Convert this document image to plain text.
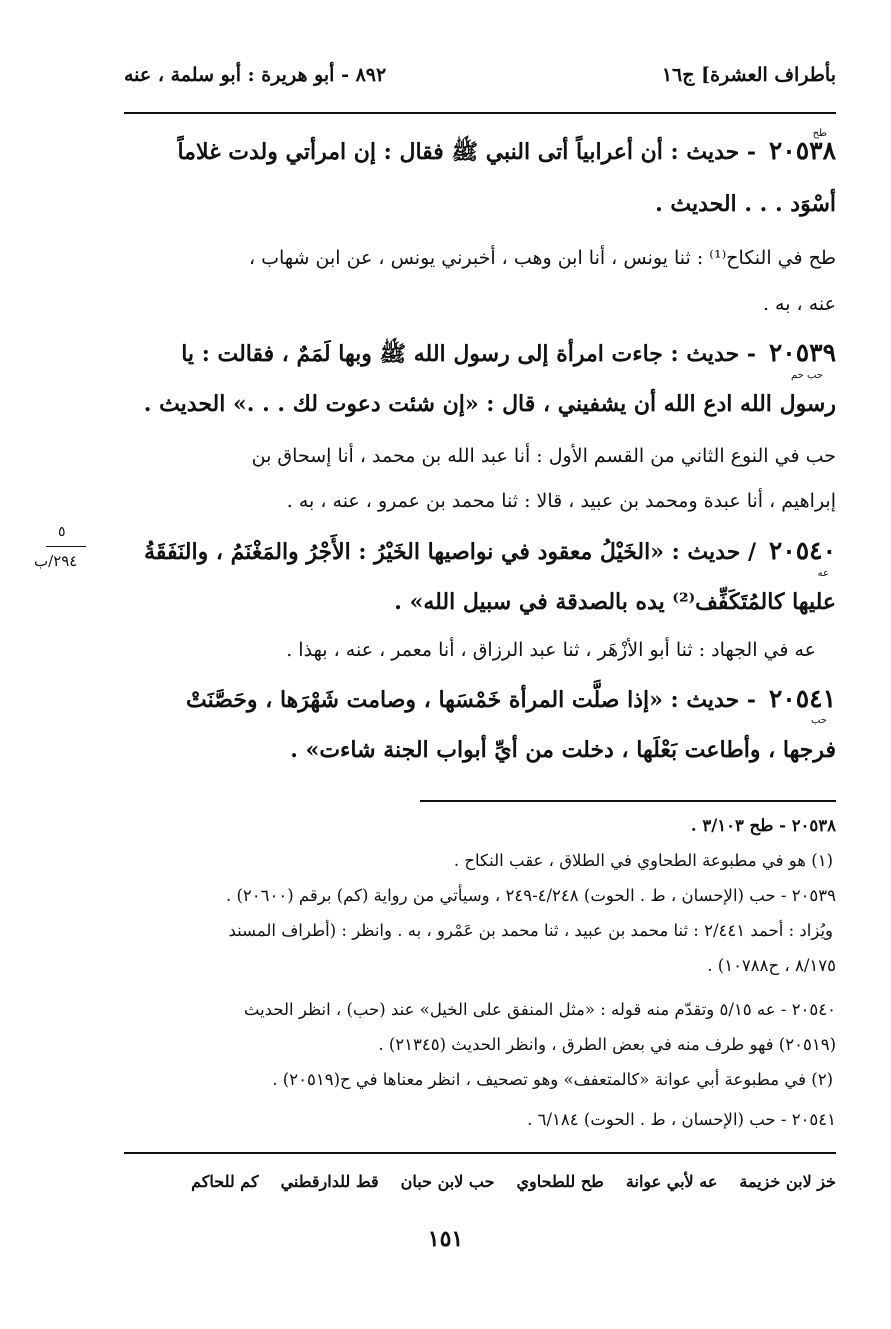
بأطراف العشرة] ج١٦
٨٩٢ - أبو هريرة : أبو سلمة ، عنه
٢٠٥٣٨
طح
- حديث : أن أعرابياً أتى النبي ﷺ فقال : إن امرأتي ولدت غلاماً
أسْوَد . . . الحديث .
طح في النكاح⁽¹⁾ : ثنا يونس ، أنا ابن وهب ، أخبرني يونس ، عن ابن شهاب ،
عنه ، به .
٢٠٥٣٩
حب حم
- حديث : جاءت امرأة إلى رسول الله ﷺ وبها لَمَمٌ ، فقالت : يا
رسول الله ادع الله أن يشفيني ، قال : «إن شئت دعوت لك . . .» الحديث .
حب في النوع الثاني من القسم الأول : أنا عبد الله بن محمد ، أنا إسحاق بن
إبراهيم ، أنا عبدة ومحمد بن عبيد ، قالا : ثنا محمد بن عمرو ، عنه ، به .
٥
٢٩٤/ب	٢٠٥٤٠
عه
/ حديث : «الخَيْلُ معقود في نواصيها الخَيْرُ : الأَجْرُ والمَغْنَمُ ، والنَفَقَةُ
عليها كالمُتَكَفِّف⁽²⁾ يده بالصدقة في سبيل الله» .
عه في الجهاد : ثنا أبو الأزْهَر ، ثنا عبد الرزاق ، أنا معمر ، عنه ، بهذا .
٢٠٥٤١
حب
- حديث : «إذا صلَّت المرأة خَمْسَها ، وصامت شَهْرَها ، وحَصَّنَتْ
فرجها ، وأطاعت بَعْلَها ، دخلت من أيِّ أبواب الجنة شاءت» .
٢٠٥٣٨ - طح ٣/١٠٣ .
(١) هو في مطبوعة الطحاوي في الطلاق ، عقب النكاح .
٢٠٥٣٩ - حب (الإحسان ، ط . الحوت) ٤/٢٤٨-٢٤٩ ، وسيأتي من رواية (كم) برقم (٢٠٦٠٠) .
ويُزاد : أحمد ٢/٤٤١ : ثنا محمد بن عبيد ، ثنا محمد بن عَمْرو ، به . وانظر : (أطراف المسند
٨/١٧٥ ، ح١٠٧٨٨) .
٢٠٥٤٠ - عه ٥/١٥ وتقدّم منه قوله : «مثل المنفق على الخيل» عند (حب) ، انظر الحديث
(٢٠٥١٩) فهو طرف منه في بعض الطرق ، وانظر الحديث (٢١٣٤٥) .
(٢) في مطبوعة أبي عوانة «كالمتعفف» وهو تصحيف ، انظر معناها في ح(٢٠٥١٩) .
٢٠٥٤١ - حب (الإحسان ، ط . الحوت) ٦/١٨٤ .
خز لابن خزيمة
عه لأبي عوانة
طح للطحاوي
حب لابن حبان
قط للدارقطني
كم للحاكم
١٥١
